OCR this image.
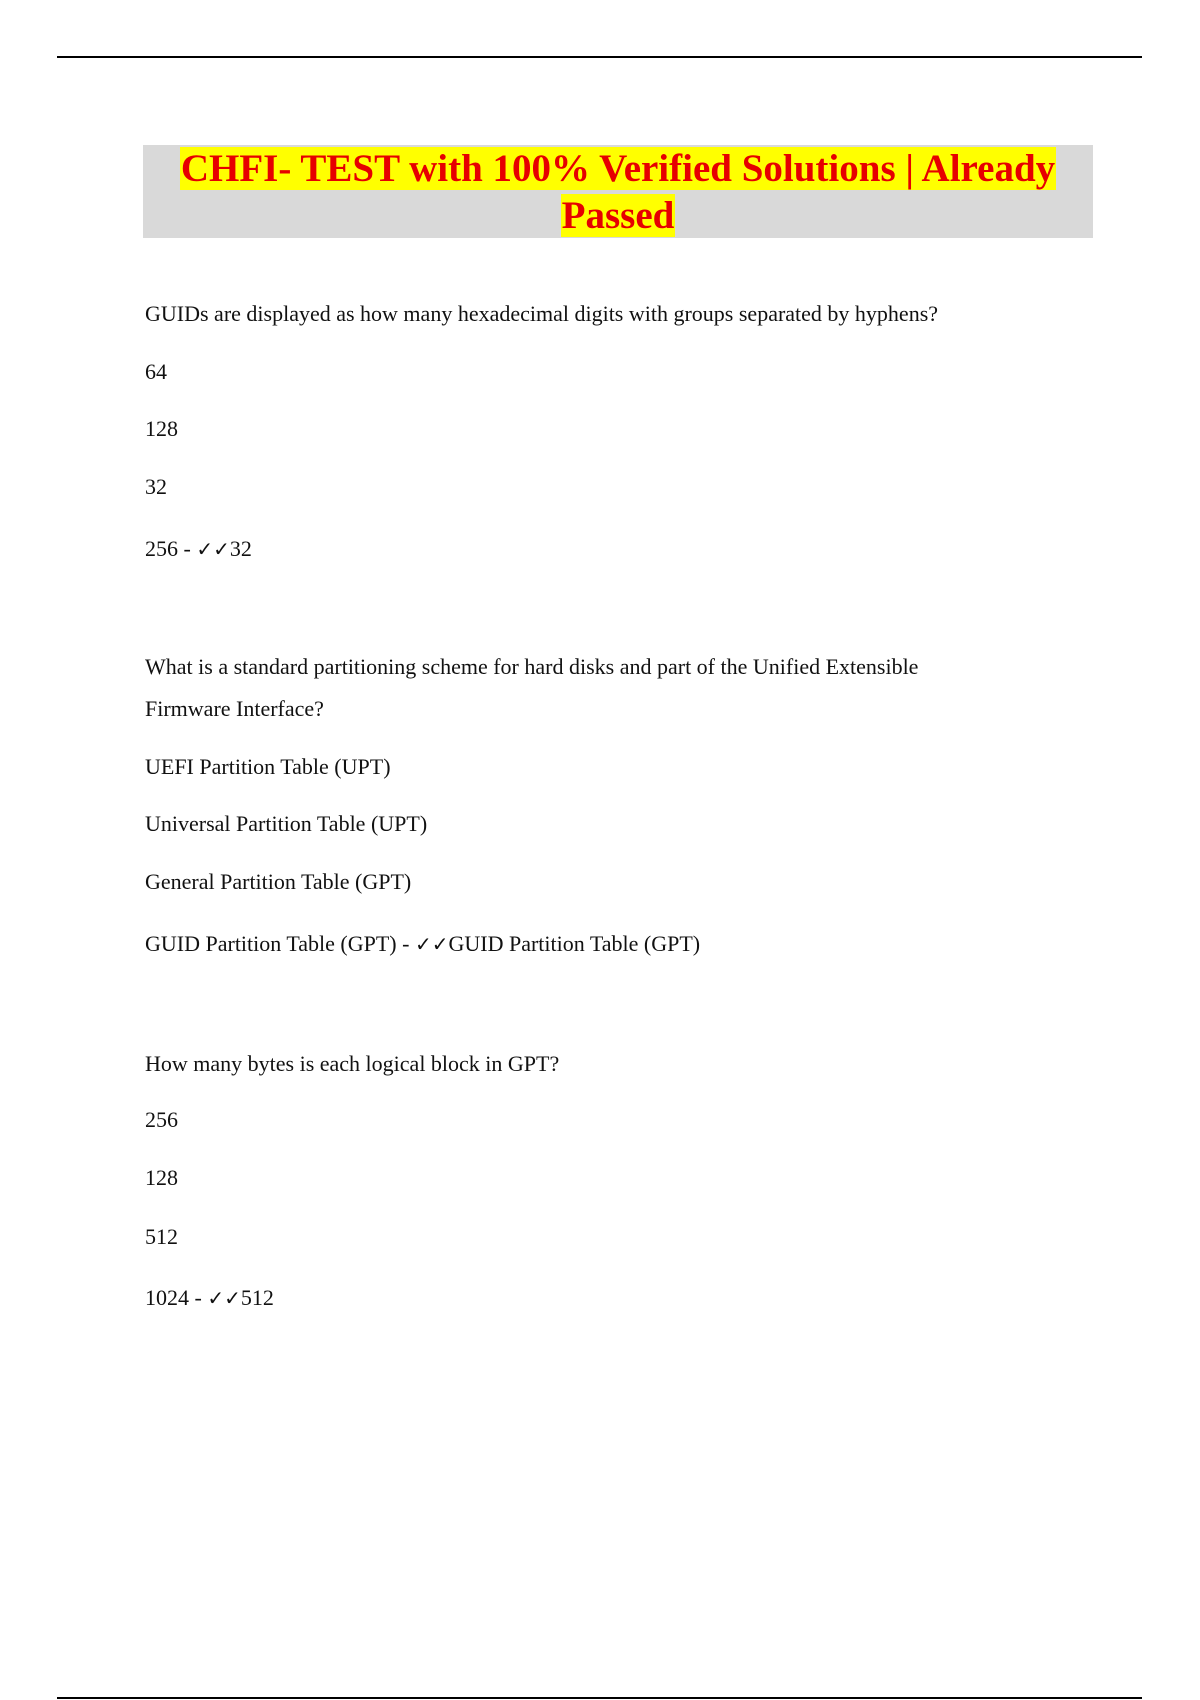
CHFI- TEST with 100% Verified Solutions | Already
Passed

GUIDs are displayed as how many hexadecimal digits with groups separated by hyphens?

64

128

32

256 - ✓✓32

What is a standard partitioning scheme for hard disks and part of the Unified Extensible

Firmware Interface?

UEFI Partition Table (UPT)

Universal Partition Table (UPT)

General Partition Table (GPT)

GUID Partition Table (GPT) - ✓✓GUID Partition Table (GPT)

How many bytes is each logical block in GPT?

256

128

512

1024 - ✓✓512
